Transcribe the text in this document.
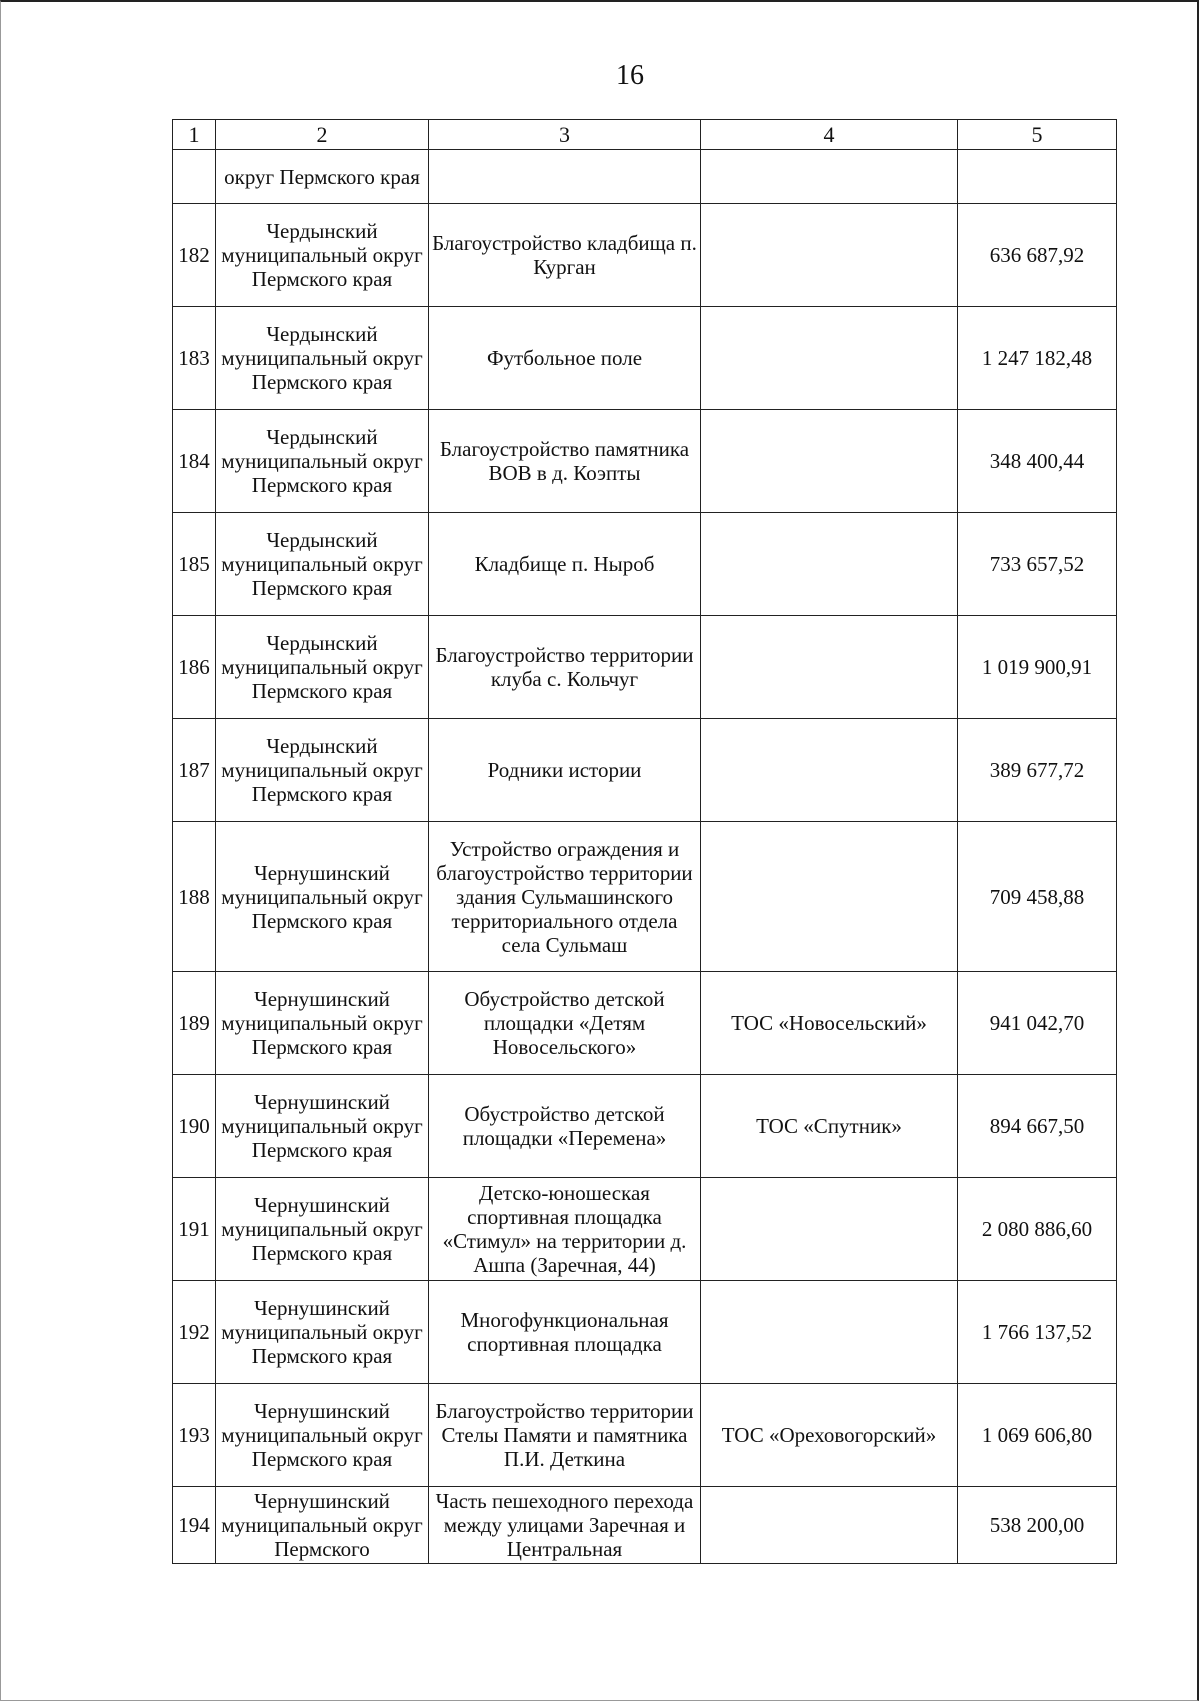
16
1	2	3	4	5
	округ Пермского края			
182	Чердынский муниципальный округ Пермского края	Благоустройство кладбища п. Курган		636 687,92
183	Чердынский муниципальный округ Пермского края	Футбольное поле		1 247 182,48
184	Чердынский муниципальный округ Пермского края	Благоустройство памятника ВОВ в д. Коэпты		348 400,44
185	Чердынский муниципальный округ Пермского края	Кладбище п. Ныроб		733 657,52
186	Чердынский муниципальный округ Пермского края	Благоустройство территории клуба с. Кольчуг		1 019 900,91
187	Чердынский муниципальный округ Пермского края	Родники истории		389 677,72
188	Чернушинский муниципальный округ Пермского края	Устройство ограждения и благоустройство территории здания Сульмашинского территориального отдела села Сульмаш		709 458,88
189	Чернушинский муниципальный округ Пермского края	Обустройство детской площадки «Детям Новосельского»	ТОС «Новосельский»	941 042,70
190	Чернушинский муниципальный округ Пермского края	Обустройство детской площадки «Перемена»	ТОС «Спутник»	894 667,50
191	Чернушинский муниципальный округ Пермского края	Детско-юношеская спортивная площадка «Стимул» на территории д. Ашпа (Заречная, 44)		2 080 886,60
192	Чернушинский муниципальный округ Пермского края	Многофункциональная спортивная площадка		1 766 137,52
193	Чернушинский муниципальный округ Пермского края	Благоустройство территории Стелы Памяти и памятника П.И. Деткина	ТОС «Ореховогорский»	1 069 606,80
194	Чернушинский муниципальный округ Пермского	Часть пешеходного перехода между улицами Заречная и Центральная		538 200,00
